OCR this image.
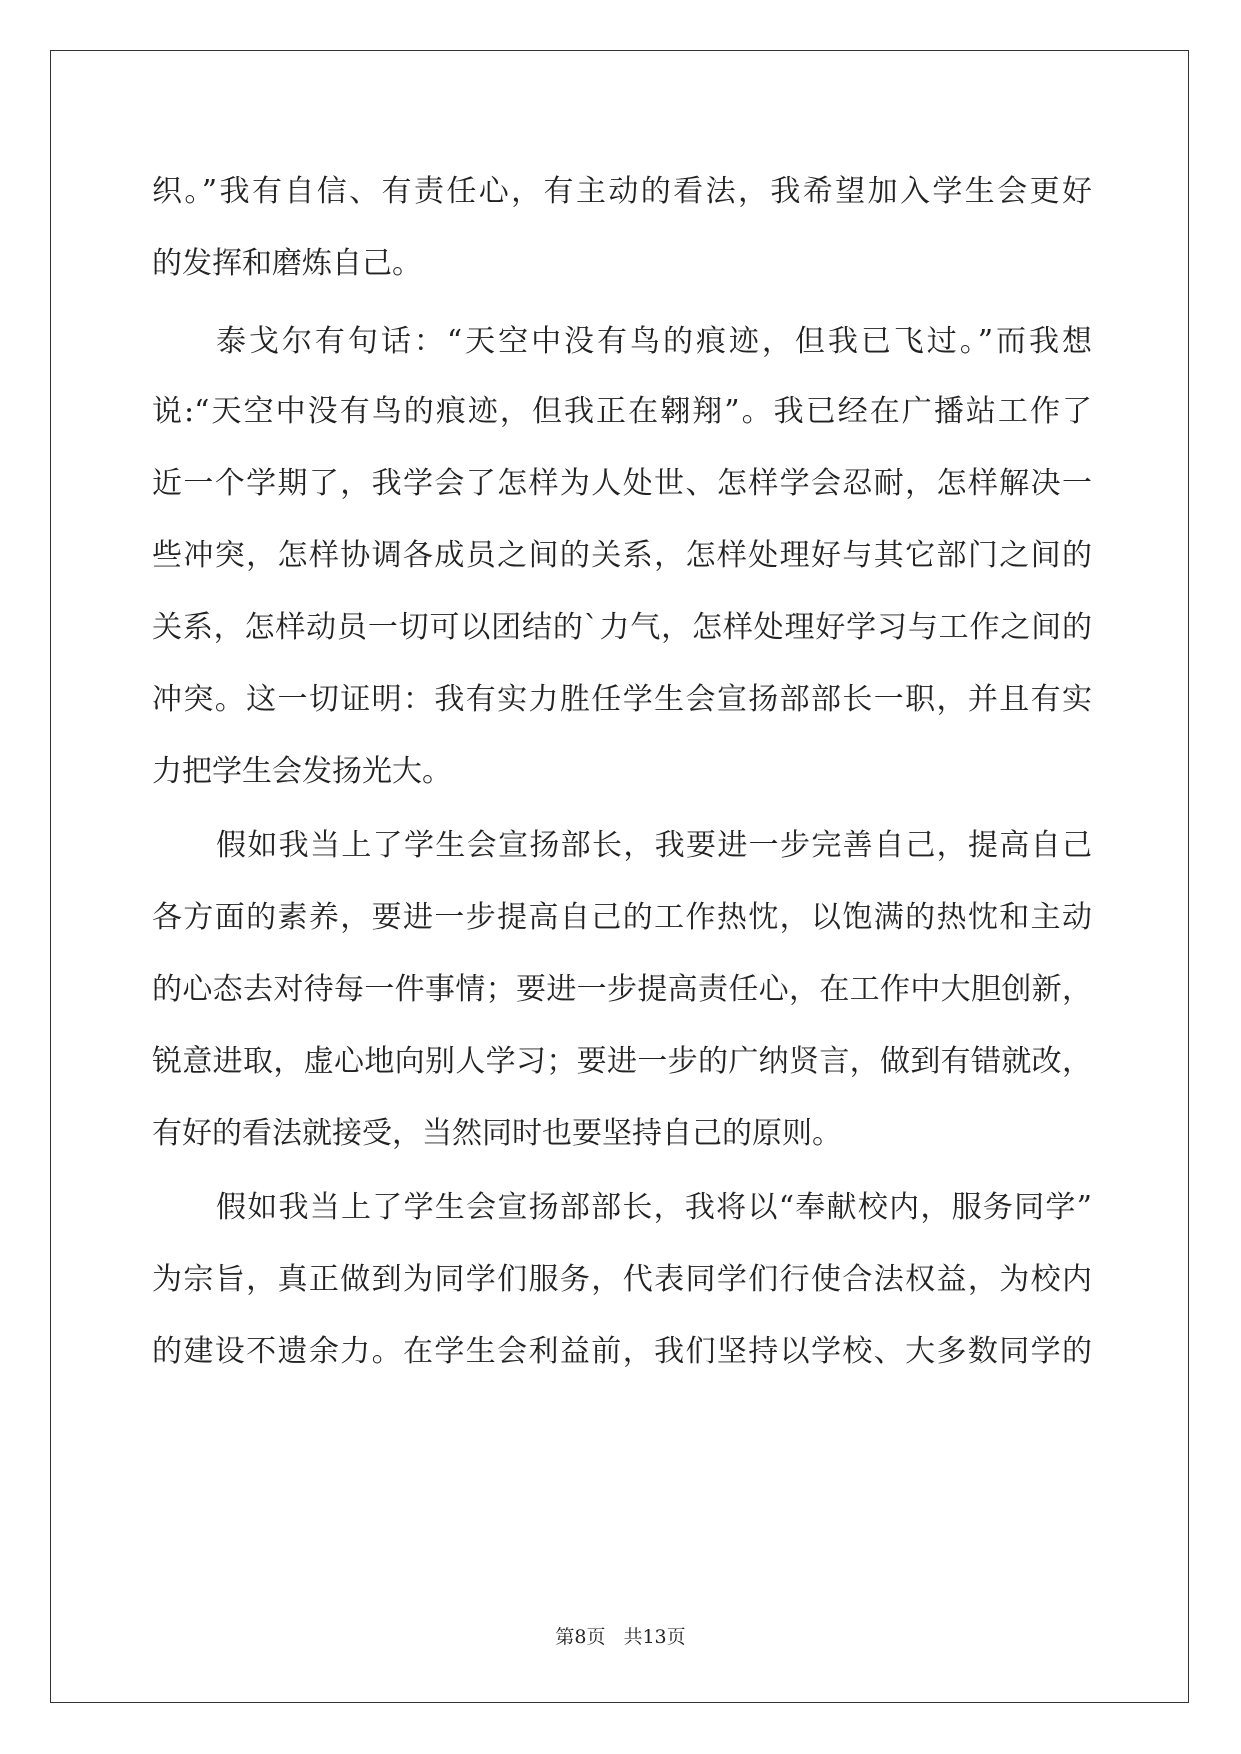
织。”我有自信、有责任心，有主动的看法，我希望加入学生会更好
的发挥和磨炼自己。
泰戈尔有句话：“天空中没有鸟的痕迹，但我已飞过。”而我想
说:“天空中没有鸟的痕迹，但我正在翱翔”。我已经在广播站工作了
近一个学期了，我学会了怎样为人处世、怎样学会忍耐，怎样解决一
些冲突，怎样协调各成员之间的关系，怎样处理好与其它部门之间的
关系，怎样动员一切可以团结的`力气，怎样处理好学习与工作之间的
冲突。这一切证明：我有实力胜任学生会宣扬部部长一职，并且有实
力把学生会发扬光大。
假如我当上了学生会宣扬部长，我要进一步完善自己，提高自己
各方面的素养，要进一步提高自己的工作热忱，以饱满的热忱和主动
的心态去对待每一件事情；要进一步提高责任心，在工作中大胆创新，
锐意进取，虚心地向别人学习；要进一步的广纳贤言，做到有错就改，
有好的看法就接受，当然同时也要坚持自己的原则。
假如我当上了学生会宣扬部部长，我将以“奉献校内，服务同学”
为宗旨，真正做到为同学们服务，代表同学们行使合法权益，为校内
的建设不遗余力。在学生会利益前，我们坚持以学校、大多数同学的
第8页 共13页
